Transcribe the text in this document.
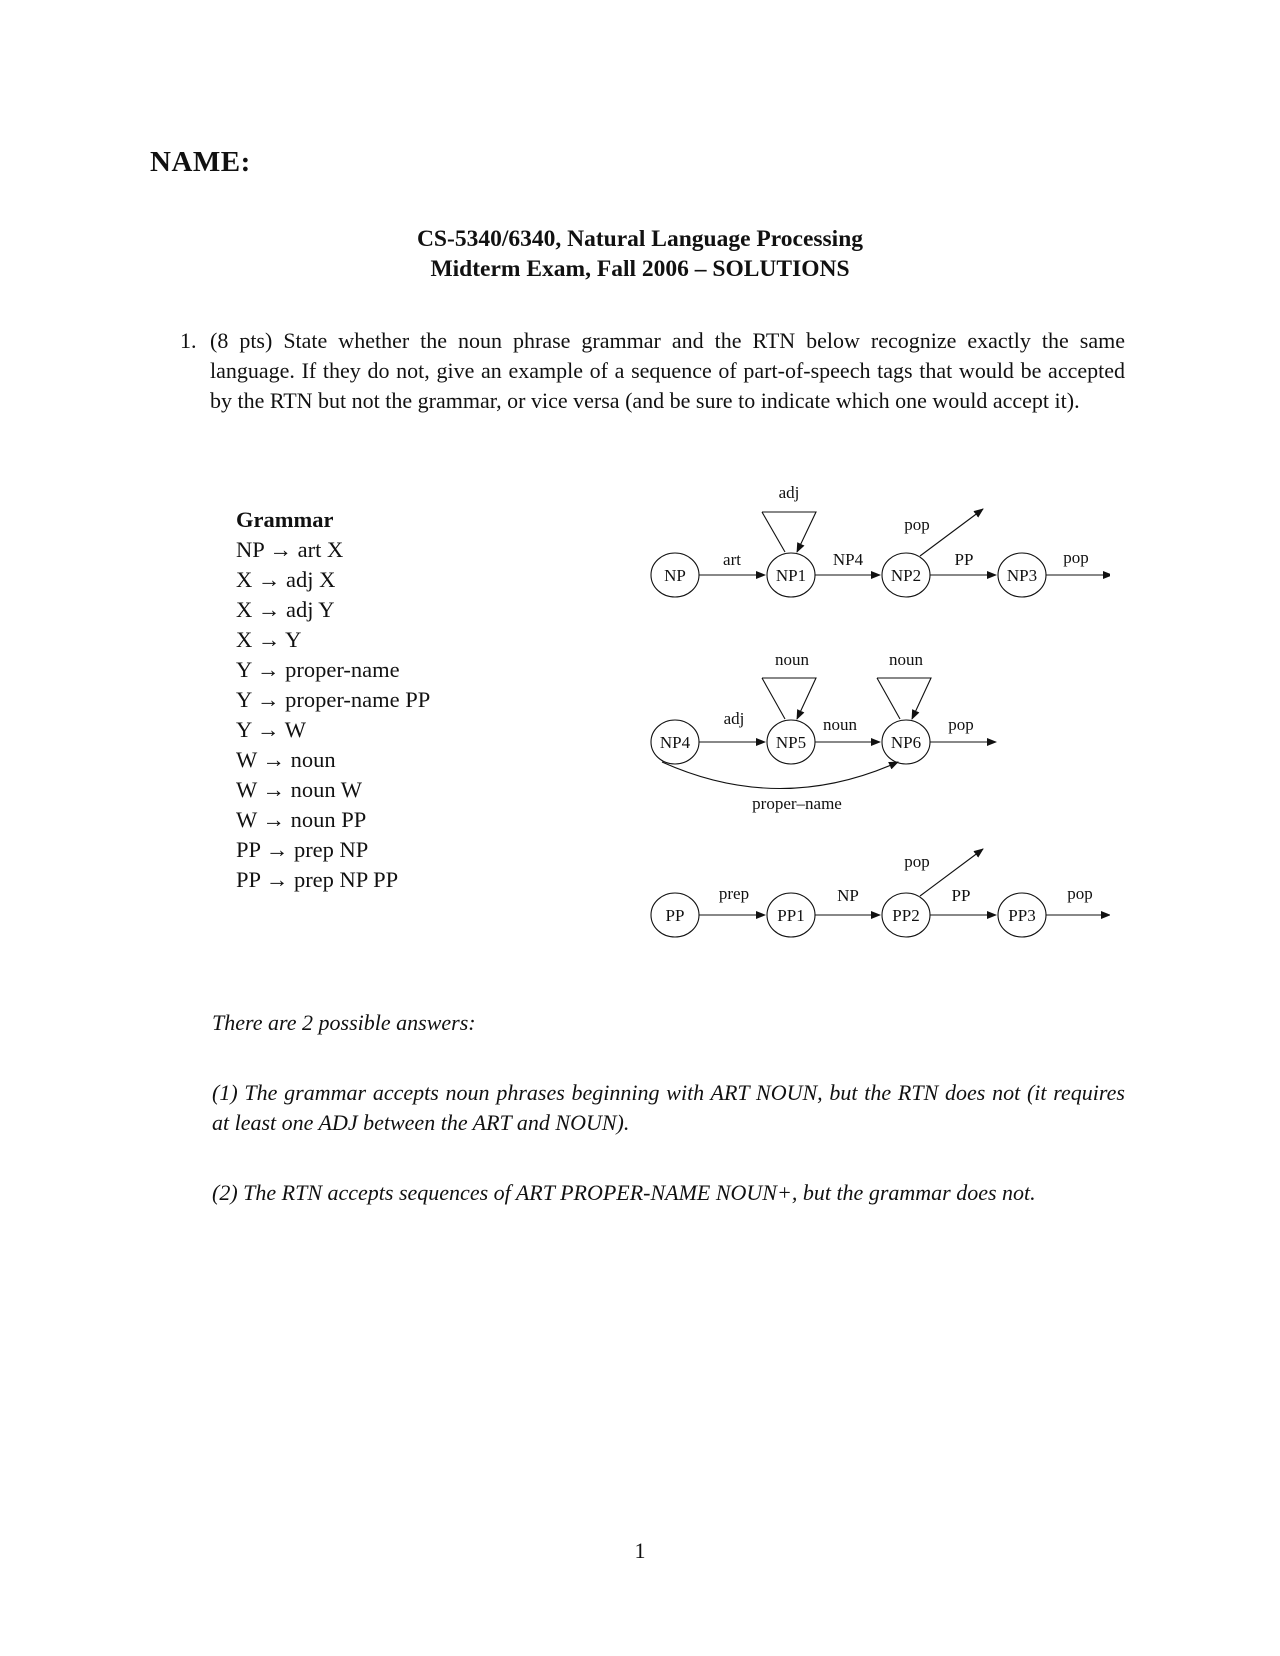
NAME:
CS-5340/6340, Natural Language Processing
Midterm Exam, Fall 2006 – SOLUTIONS
1. (8 pts) State whether the noun phrase grammar and the RTN below recognize exactly the same language. If they do not, give an example of a sequence of part-of-speech tags that would be accepted by the RTN but not the grammar, or vice versa (and be sure to indicate which one would accept it).
Grammar
NP → art X
X → adj X
X → adj Y
X → Y
Y → proper-name
Y → proper-name PP
Y → W
W → noun
W → noun W
W → noun PP
PP → prep NP
PP → prep NP PP
NP	NP1	NP2	NP3
adj
art	NP4	PP	pop
pop
NP4	NP5	NP6
noun	noun
adj	noun	pop
proper–name
PP	PP1	PP2	PP3
prep	NP	PP	pop
pop

There are 2 possible answers:

(1) The grammar accepts noun phrases beginning with ART NOUN, but the RTN does not (it requires at least one ADJ between the ART and NOUN).

(2) The RTN accepts sequences of ART PROPER-NAME NOUN+, but the grammar does not.

1
